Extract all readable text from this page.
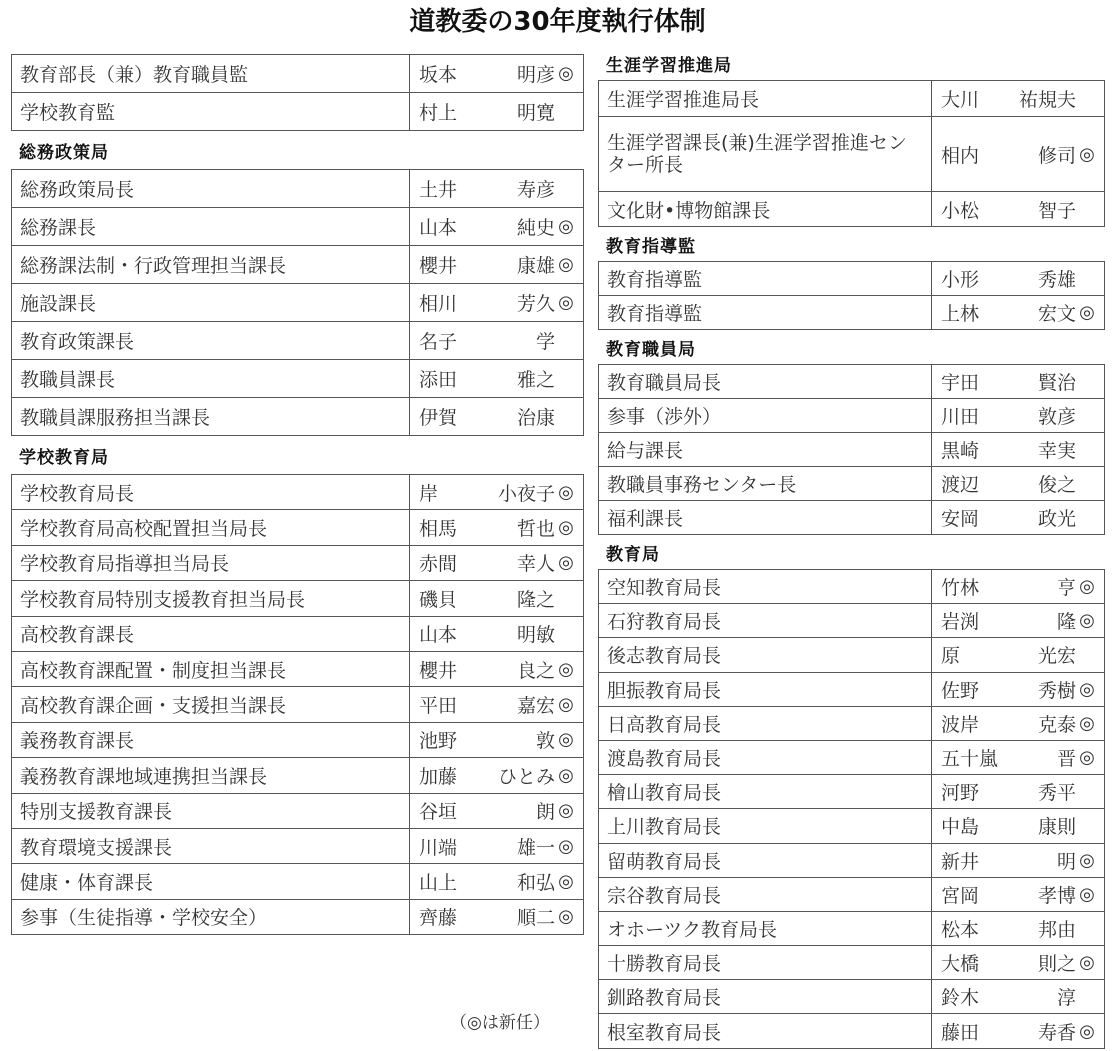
道教委の30年度執行体制
教育部長（兼）教育職員監	坂本 明彦 ◎

学校教育監	村上 明寛
総務政策局
総務政策局長	土井 寿彦

総務課長	山本 純史 ◎

総務課法制・行政管理担当課長	櫻井 康雄 ◎

施設課長	相川 芳久 ◎

教育政策課長	名子 学

教職員課長	添田 雅之

教職員課服務担当課長	伊賀 治康
学校教育局
学校教育局長	岸 小夜子 ◎

学校教育局高校配置担当局長	相馬 哲也 ◎

学校教育局指導担当局長	赤間 幸人 ◎

学校教育局特別支援教育担当局長	磯貝 隆之

高校教育課長	山本 明敏

高校教育課配置・制度担当課長	櫻井 良之 ◎

高校教育課企画・支援担当課長	平田 嘉宏 ◎

義務教育課長	池野 敦 ◎

義務教育課地域連携担当課長	加藤 ひとみ ◎

特別支援教育課長	谷垣 朗 ◎

教育環境支援課長	川端 雄一 ◎

健康・体育課長	山上 和弘 ◎

参事（生徒指導・学校安全）	齊藤 順二 ◎
生涯学習推進局
生涯学習推進局長	大川 祐規夫

生涯学習課長(兼)生涯学習推進センター所長	相内 修司 ◎

文化財•博物館課長	小松 智子
教育指導監
教育指導監	小形 秀雄

教育指導監	上林 宏文 ◎
教育職員局
教育職員局長	宇田 賢治

参事（渉外）	川田 敦彦

給与課長	黒崎 幸実

教職員事務センター長	渡辺 俊之

福利課長	安岡 政光
教育局
空知教育局長	竹林 亨 ◎

石狩教育局長	岩渕 隆 ◎

後志教育局長	原 光宏

胆振教育局長	佐野 秀樹 ◎

日高教育局長	波岸 克泰 ◎

渡島教育局長	五十嵐 晋 ◎

檜山教育局長	河野 秀平

上川教育局長	中島 康則

留萌教育局長	新井 明 ◎

宗谷教育局長	宮岡 孝博 ◎

オホーツク教育局長	松本 邦由

十勝教育局長	大橋 則之 ◎

釧路教育局長	鈴木 淳

根室教育局長	藤田 寿香 ◎
（◎は新任）
